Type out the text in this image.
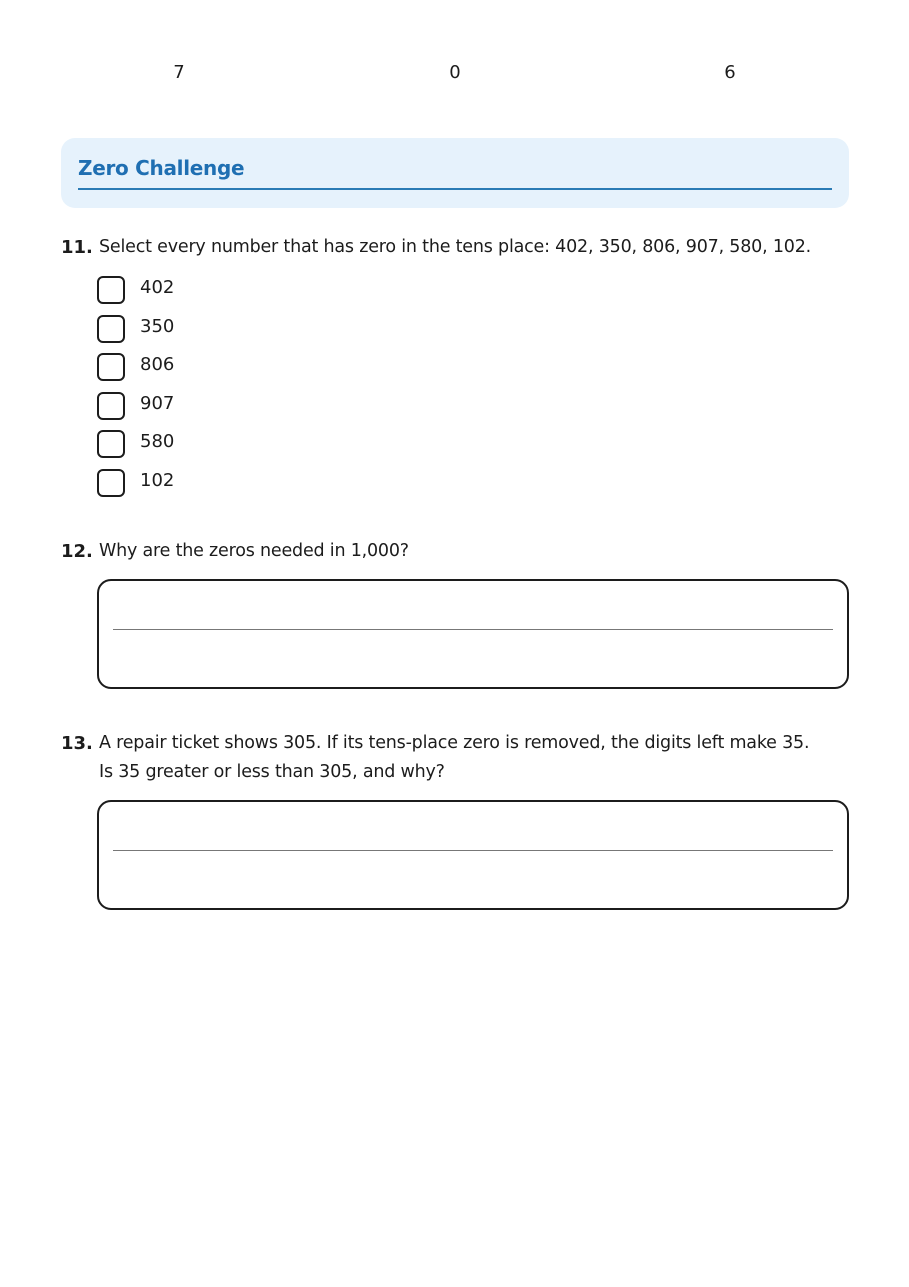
7	0	6
Zero Challenge
11. Select every number that has zero in the tens place: 402, 350, 806, 907, 580, 102.
402
350
806
907
580
102
12. Why are the zeros needed in 1,000?
13. A repair ticket shows 305. If its tens-place zero is removed, the digits left make 35.
Is 35 greater or less than 305, and why?
